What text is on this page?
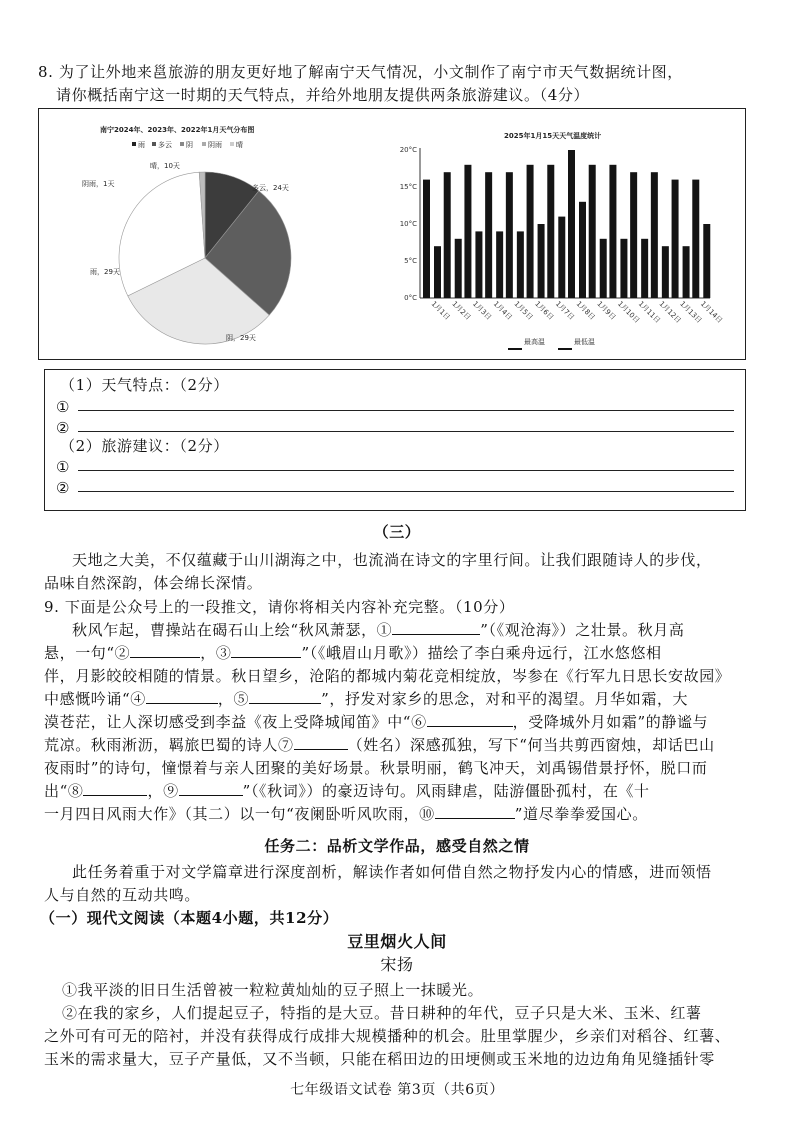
8. 为了让外地来邕旅游的朋友更好地了解南宁天气情况，小文制作了南宁市天气数据统计图，
请你概括南宁这一时期的天气特点，并给外地朋友提供两条旅游建议。（4分）
南宁2024年、2023年、2022年1月天气分布图
雨 多云 阴 阴雨 晴
晴，10天
多云，24天
雨，29天
阴，29天
阴雨，1天
2025年1月15天天气温度统计
0°C
5°C
10°C
15°C
20°C
1月1日
1月2日
1月3日
1月4日
1月5日
1月6日
1月7日
1月8日
1月9日
1月10日
1月11日
1月12日
1月13日
1月14日
最高温	最低温
（1）天气特点：（2分）
①
②
（2）旅游建议：（2分）
①
②
（三）
天地之大美，不仅蕴藏于山川湖海之中，也流淌在诗文的字里行间。让我们跟随诗人的步伐，
品味自然深韵，体会绵长深情。
9. 下面是公众号上的一段推文，请你将相关内容补充完整。（10分）
秋风乍起，曹操站在碣石山上绘“秋风萧瑟，①	”（《观沧海》）之壮景。秋月高
悬，一句“②	，③	”（《峨眉山月歌》）描绘了李白乘舟远行，江水悠悠相
伴，月影皎皎相随的情景。秋日望乡，沧陷的都城内菊花竞相绽放，岑参在《行军九日思长安故园》
中感慨吟诵“④	，⑤	”，抒发对家乡的思念，对和平的渴望。月华如霜，大
漠苍茫，让人深切感受到李益《夜上受降城闻笛》中“⑥	，受降城外月如霜”的静谧与
荒凉。秋雨淅沥，羁旅巴蜀的诗人⑦	（姓名）深感孤独，写下“何当共剪西窗烛，却话巴山
夜雨时”的诗句，憧憬着与亲人团聚的美好场景。秋景明丽，鹤飞冲天，刘禹锡借景抒怀，脱口而
出“⑧	，⑨	”（《秋词》）的豪迈诗句。风雨肆虐，陆游僵卧孤村，在《十
一月四日风雨大作》（其二）以一句“夜阑卧听风吹雨，⑩	”道尽拳拳爱国心。
任务二：品析文学作品，感受自然之情
此任务着重于对文学篇章进行深度剖析，解读作者如何借自然之物抒发内心的情感，进而领悟
人与自然的互动共鸣。
（一）现代文阅读（本题4小题，共12分）
豆里烟火人间
宋扬
①我平淡的旧日生活曾被一粒粒黄灿灿的豆子照上一抹暖光。
②在我的家乡，人们提起豆子，特指的是大豆。昔日耕种的年代，豆子只是大米、玉米、红薯
之外可有可无的陪衬，并没有获得成行成排大规模播种的机会。肚里掌腥少，乡亲们对稻谷、红薯、
玉米的需求量大，豆子产量低，又不当顿，只能在稻田边的田埂侧或玉米地的边边角角见缝插针零
七年级语文试卷 第3页（共6页）
